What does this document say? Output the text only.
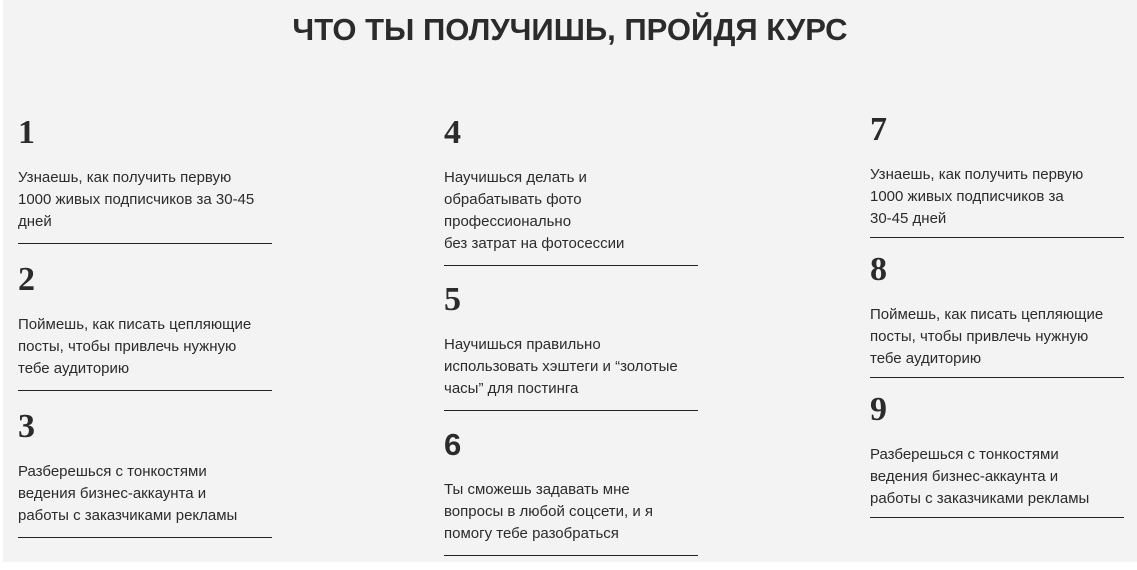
ЧТО ТЫ ПОЛУЧИШЬ, ПРОЙДЯ КУРС
1
Узнаешь, как получить первую
1000 живых подписчиков за 30-45
дней
2
Поймешь, как писать цепляющие
посты, чтобы привлечь нужную
тебе аудиторию
3
Разберешься с тонкостями
ведения бизнес-аккаунта и
работы с заказчиками рекламы
4
Научишься делать и
обрабатывать фото
профессионально
без затрат на фотосессии
5
Научишься правильно
использовать хэштеги и “золотые
часы” для постинга
6
Ты сможешь задавать мне
вопросы в любой соцсети, и я
помогу тебе разобраться
7
Узнаешь, как получить первую
1000 живых подписчиков за
30-45 дней
8
Поймешь, как писать цепляющие
посты, чтобы привлечь нужную
тебе аудиторию
9
Разберешься с тонкостями
ведения бизнес-аккаунта и
работы с заказчиками рекламы
